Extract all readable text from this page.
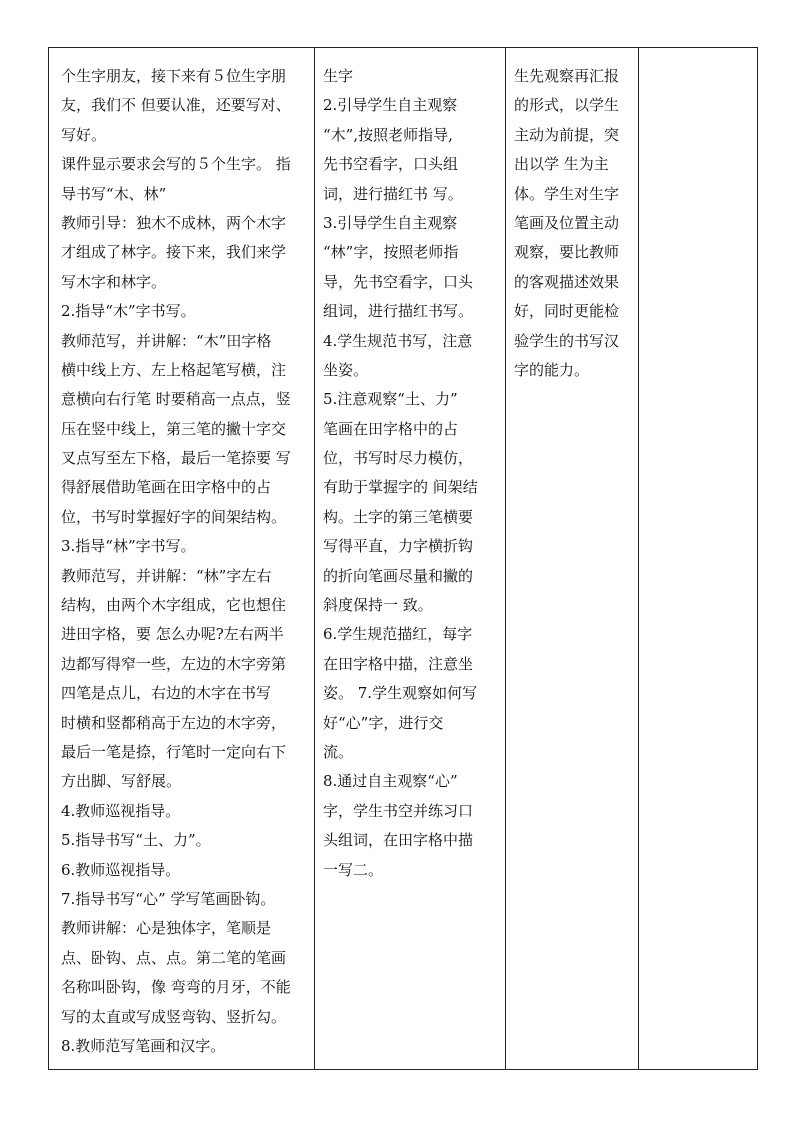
个生字朋友，接下来有５位生字朋
友，我们不 但要认准，还要写对、
写好。
课件显示要求会写的５个生字。 指
导书写“木、林”
教师引导：独木不成林，两个木字
才组成了林字。接下来，我们来学
写木字和林字。
2.指导“木”字书写。
教师范写，并讲解：“木”田字格
横中线上方、左上格起笔写横，注
意横向右行笔 时要稍高一点点，竖
压在竖中线上，第三笔的撇十字交
叉点写至左下格，最后一笔捺要 写
得舒展借助笔画在田字格中的占
位，书写时掌握好字的间架结构。
3.指导“林”字书写。
教师范写，并讲解：“林”字左右
结构，由两个木字组成，它也想住
进田字格，要 怎么办呢?左右两半
边都写得窄一些，左边的木字旁第
四笔是点儿，右边的木字在书写
时横和竖都稍高于左边的木字旁，
最后一笔是捺，行笔时一定向右下
方出脚、写舒展。
4.教师巡视指导。
5.指导书写“土、力”。
6.教师巡视指导。
7.指导书写“心” 学写笔画卧钩。
教师讲解：心是独体字，笔顺是
点、卧钩、点、点。第二笔的笔画
名称叫卧钩，像 弯弯的月牙，不能
写的太直或写成竖弯钩、竖折勾。
8.教师范写笔画和汉字。

生字
2.引导学生自主观察
“木”,按照老师指导,
先书空看字，口头组
词，进行描红书 写。
3.引导学生自主观察
“林”字，按照老师指
导，先书空看字，口头
组词，进行描红书写。
4.学生规范书写，注意
坐姿。
5.注意观察“土、力”
笔画在田字格中的占
位，书写时尽力模仿，
有助于掌握字的 间架结
构。土字的第三笔横要
写得平直，力字横折钩
的折向笔画尽量和撇的
斜度保持一 致。
6.学生规范描红，每字
在田字格中描，注意坐
姿。 7.学生观察如何写
好“心”字，进行交
流。
8.通过自主观察“心”
字，学生书空并练习口
头组词，在田字格中描
一写二。

生先观察再汇报
的形式，以学生
主动为前提，突
出以学 生为主
体。学生对生字
笔画及位置主动
观察，要比教师
的客观描述效果
好，同时更能检
验学生的书写汉
字的能力。
